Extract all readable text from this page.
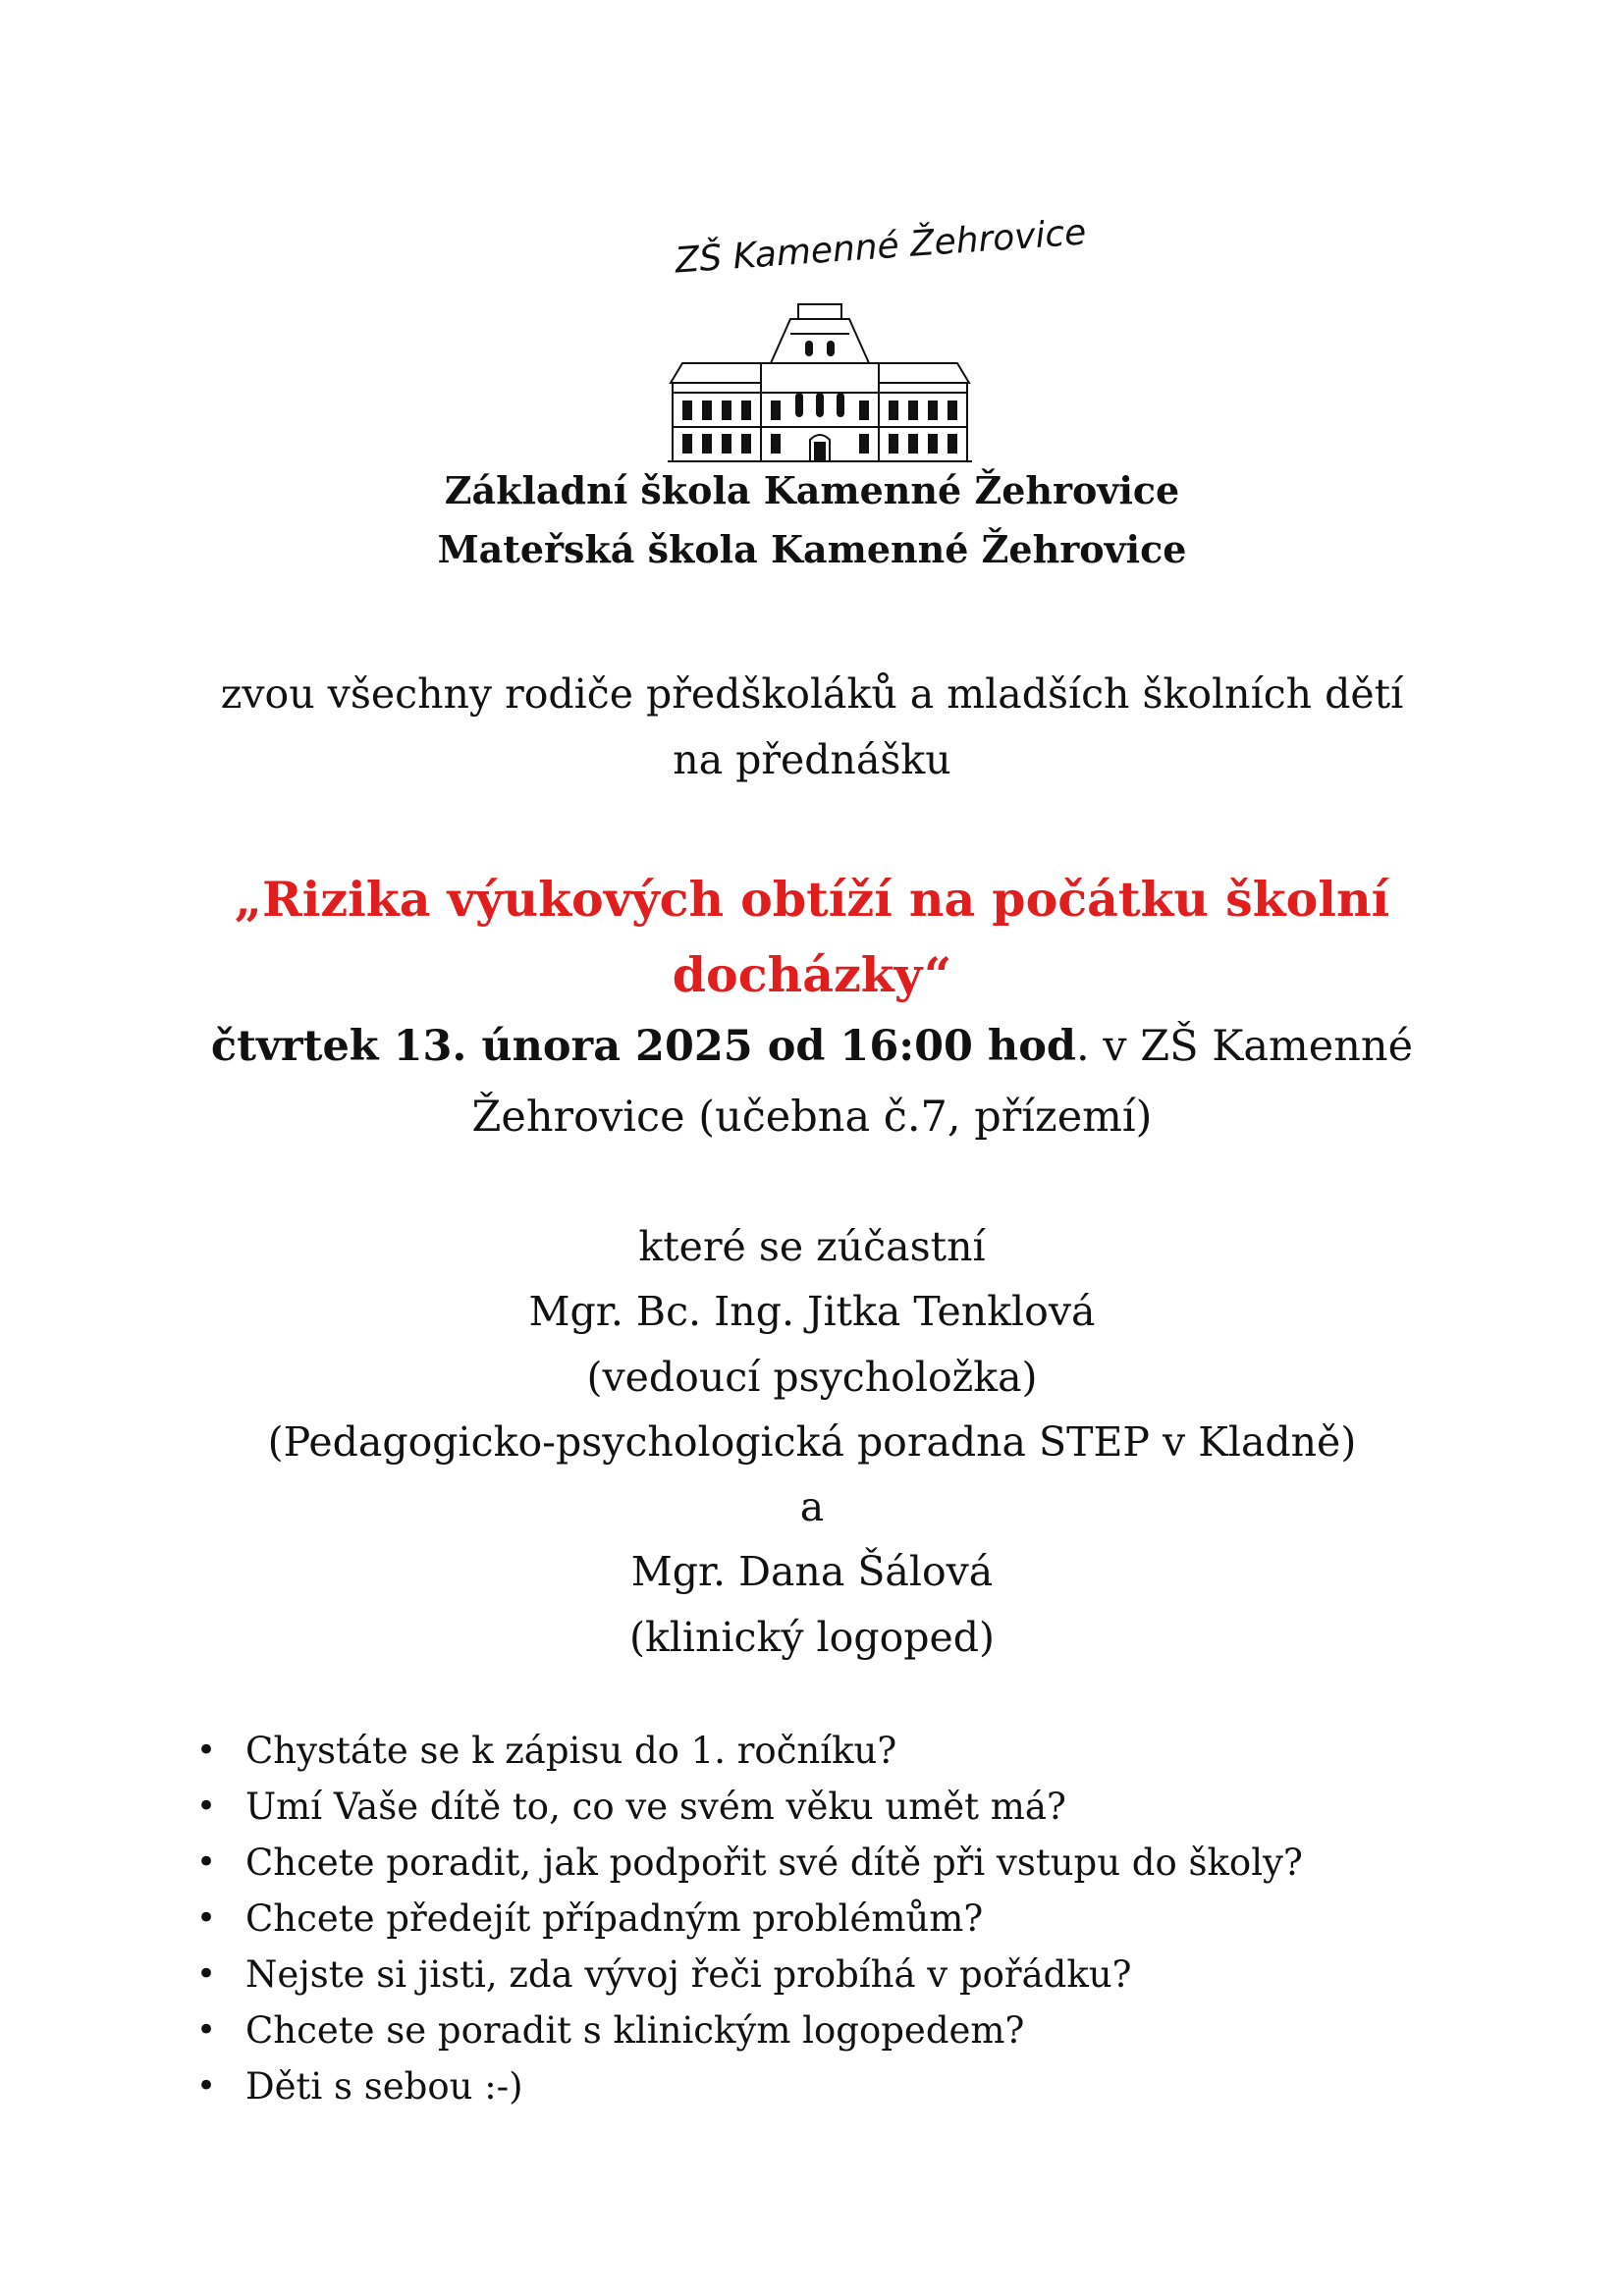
ZŠ Kamenné Žehrovice
Základní škola Kamenné Žehrovice
Mateřská škola Kamenné Žehrovice
zvou všechny rodiče předškoláků a mladších školních dětí
na přednášku
„Rizika výukových obtíží na počátku školní
docházky“
čtvrtek 13. února 2025 od 16:00 hod. v ZŠ Kamenné
Žehrovice (učebna č.7, přízemí)
které se zúčastní
Mgr. Bc. Ing. Jitka Tenklová
(vedoucí psycholožka)
(Pedagogicko-psychologická poradna STEP v Kladně)
a
Mgr. Dana Šálová
(klinický logoped)
• Chystáte se k zápisu do 1. ročníku?
• Umí Vaše dítě to, co ve svém věku umět má?
• Chcete poradit, jak podpořit své dítě při vstupu do školy?
• Chcete předejít případným problémům?
• Nejste si jisti, zda vývoj řeči probíhá v pořádku?
• Chcete se poradit s klinickým logopedem?
• Děti s sebou :-)
